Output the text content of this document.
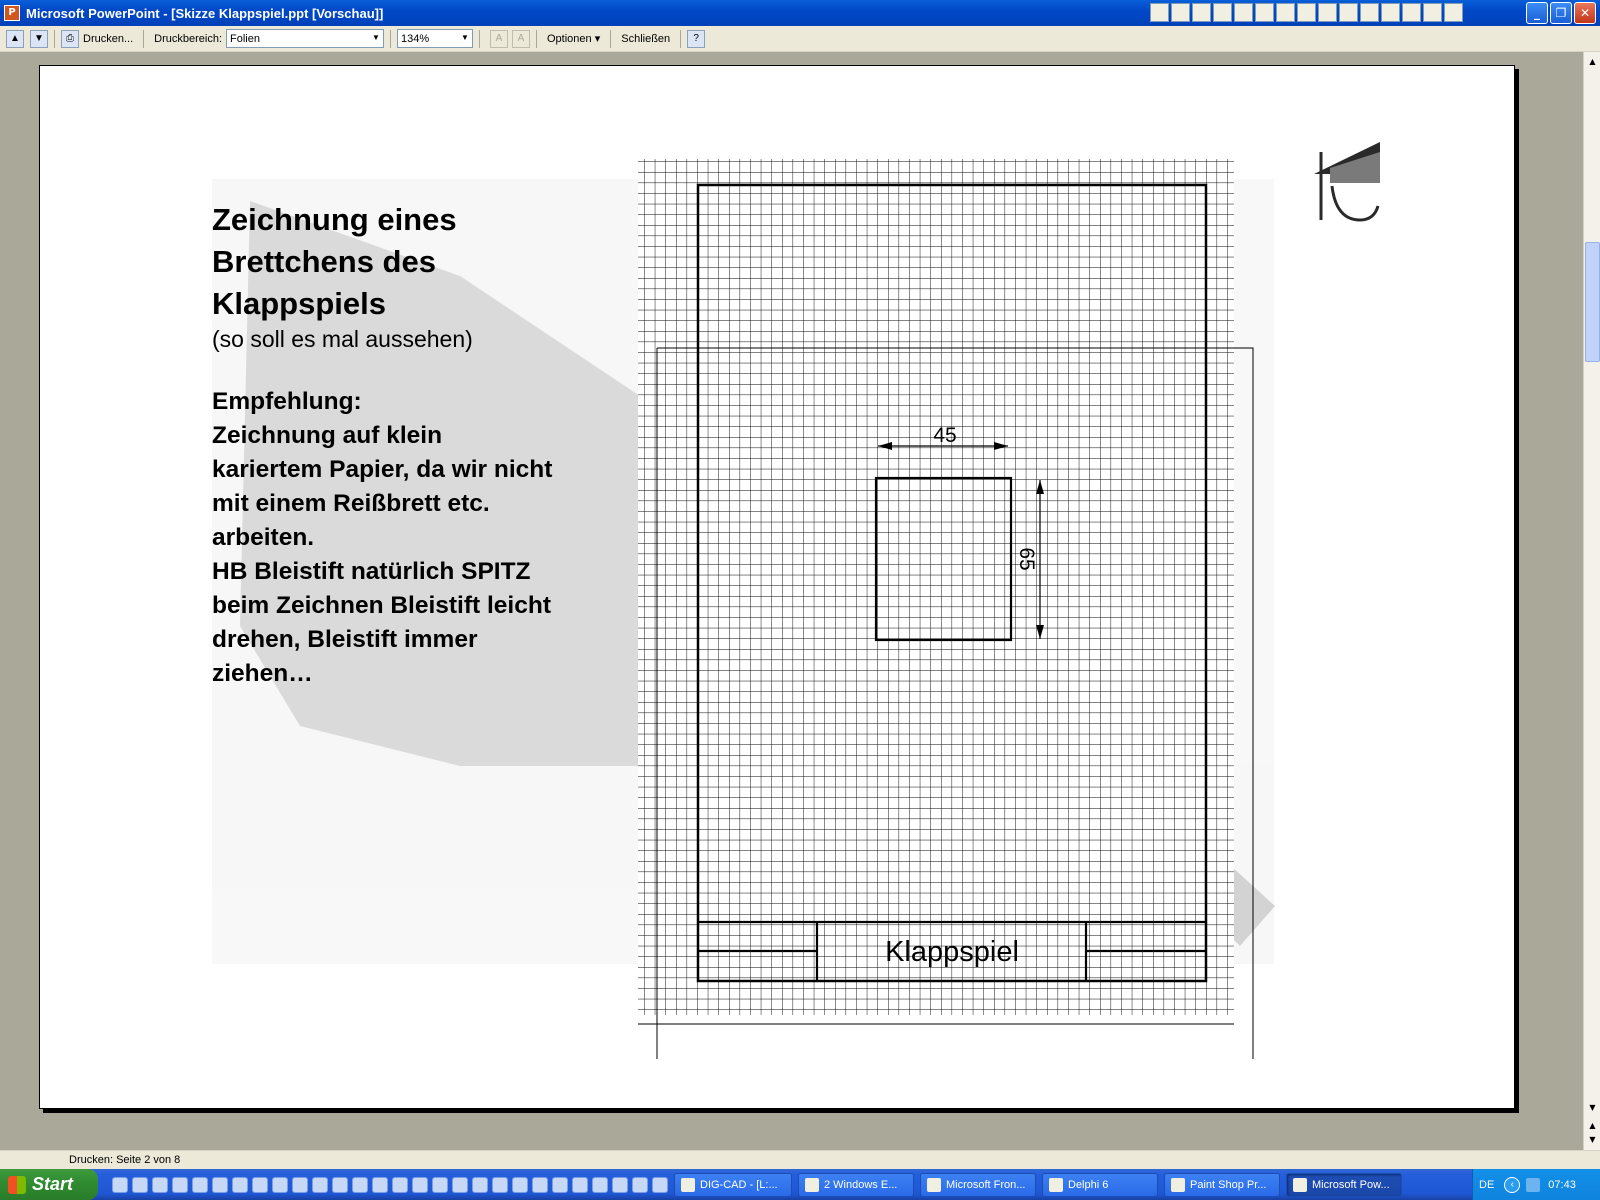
P Microsoft PowerPoint - [Skizze Klappspiel.ppt [Vorschau]]	_	❐	✕
▲	▼	⎙ Drucken...	Druckbereich: Folien	▼ 134%	▼	A	A	Optionen ▾	Schließen	?
▲
▼
▲
▼
Klappspiel
45
65
Zeichnung eines
Brettchens des
Klappspiels
(so soll es mal aussehen)
Empfehlung:
Zeichnung auf klein
kariertem Papier, da wir nicht
mit einem Reißbrett etc.
arbeiten.
HB Bleistift natürlich SPITZ
beim Zeichnen Bleistift leicht
drehen, Bleistift immer
ziehen…
Drucken: Seite 2 von 8
Start	DIG-CAD - [L:...	2 Windows E...	Microsoft Fron...	Delphi 6	Paint Shop Pr...	Microsoft Pow...	DE	‹	07:43
